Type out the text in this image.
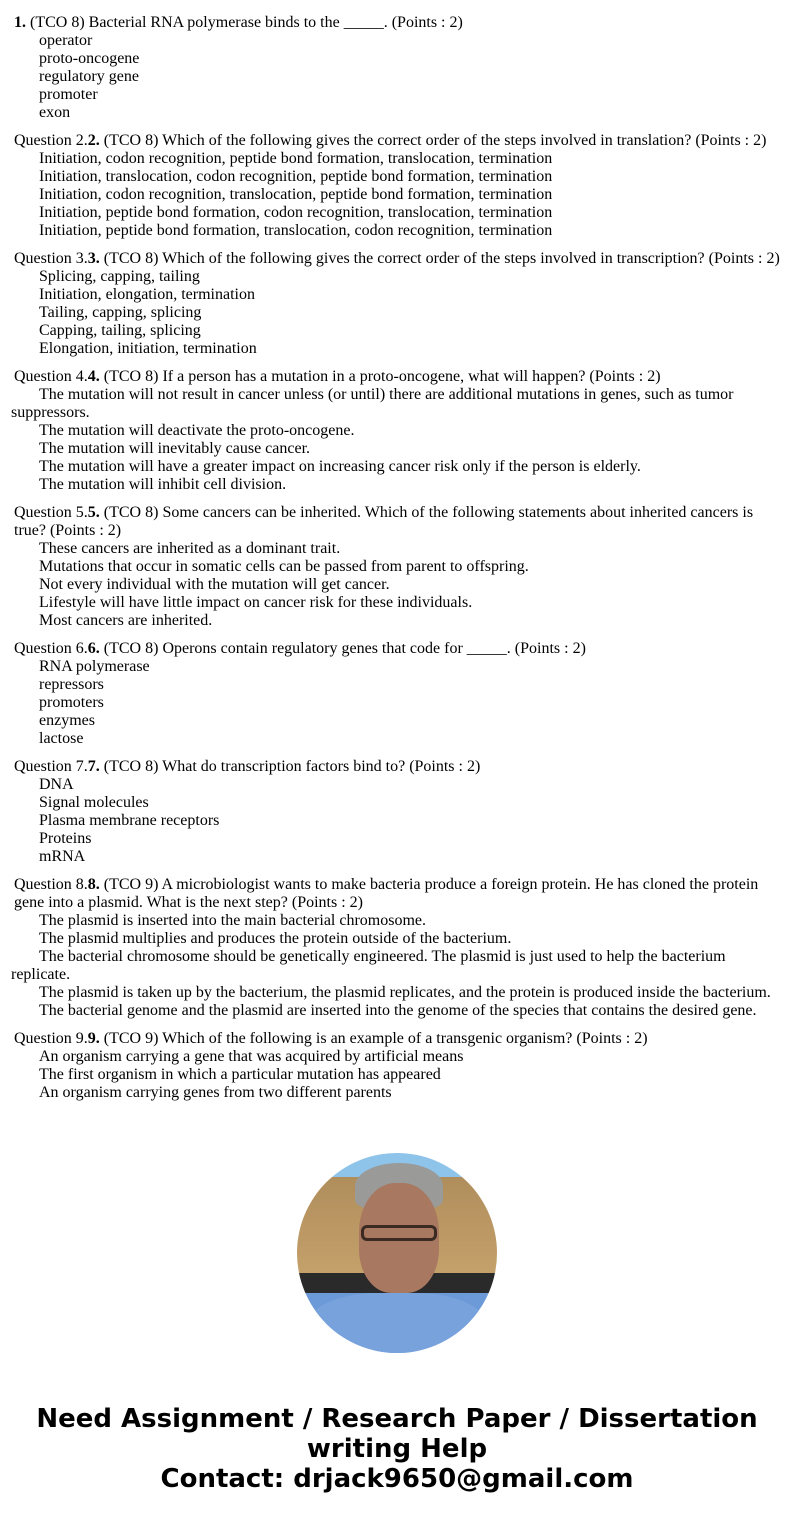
1. (TCO 8) Bacterial RNA polymerase binds to the _____. (Points : 2)
operator
proto-oncogene
regulatory gene
promoter
exon
Question 2.2. (TCO 8) Which of the following gives the correct order of the steps involved in translation? (Points : 2)
Initiation, codon recognition, peptide bond formation, translocation, termination
Initiation, translocation, codon recognition, peptide bond formation, termination
Initiation, codon recognition, translocation, peptide bond formation, termination
Initiation, peptide bond formation, codon recognition, translocation, termination
Initiation, peptide bond formation, translocation, codon recognition, termination
Question 3.3. (TCO 8) Which of the following gives the correct order of the steps involved in transcription? (Points : 2)
Splicing, capping, tailing
Initiation, elongation, termination
Tailing, capping, splicing
Capping, tailing, splicing
Elongation, initiation, termination
Question 4.4. (TCO 8) If a person has a mutation in a proto-oncogene, what will happen? (Points : 2)
The mutation will not result in cancer unless (or until) there are additional mutations in genes, such as tumor suppressors.
The mutation will deactivate the proto-oncogene.
The mutation will inevitably cause cancer.
The mutation will have a greater impact on increasing cancer risk only if the person is elderly.
The mutation will inhibit cell division.
Question 5.5. (TCO 8) Some cancers can be inherited. Which of the following statements about inherited cancers is true? (Points : 2)
These cancers are inherited as a dominant trait.
Mutations that occur in somatic cells can be passed from parent to offspring.
Not every individual with the mutation will get cancer.
Lifestyle will have little impact on cancer risk for these individuals.
Most cancers are inherited.
Question 6.6. (TCO 8) Operons contain regulatory genes that code for _____. (Points : 2)
RNA polymerase
repressors
promoters
enzymes
lactose
Question 7.7. (TCO 8) What do transcription factors bind to? (Points : 2)
DNA
Signal molecules
Plasma membrane receptors
Proteins
mRNA
Question 8.8. (TCO 9) A microbiologist wants to make bacteria produce a foreign protein. He has cloned the protein gene into a plasmid. What is the next step? (Points : 2)
The plasmid is inserted into the main bacterial chromosome.
The plasmid multiplies and produces the protein outside of the bacterium.
The bacterial chromosome should be genetically engineered. The plasmid is just used to help the bacterium replicate.
The plasmid is taken up by the bacterium, the plasmid replicates, and the protein is produced inside the bacterium.
The bacterial genome and the plasmid are inserted into the genome of the species that contains the desired gene.
Question 9.9. (TCO 9) Which of the following is an example of a transgenic organism? (Points : 2)
An organism carrying a gene that was acquired by artificial means
The first organism in which a particular mutation has appeared
An organism carrying genes from two different parents
Need Assignment / Research Paper / Dissertation writing Help
Contact: drjack9650@gmail.com
